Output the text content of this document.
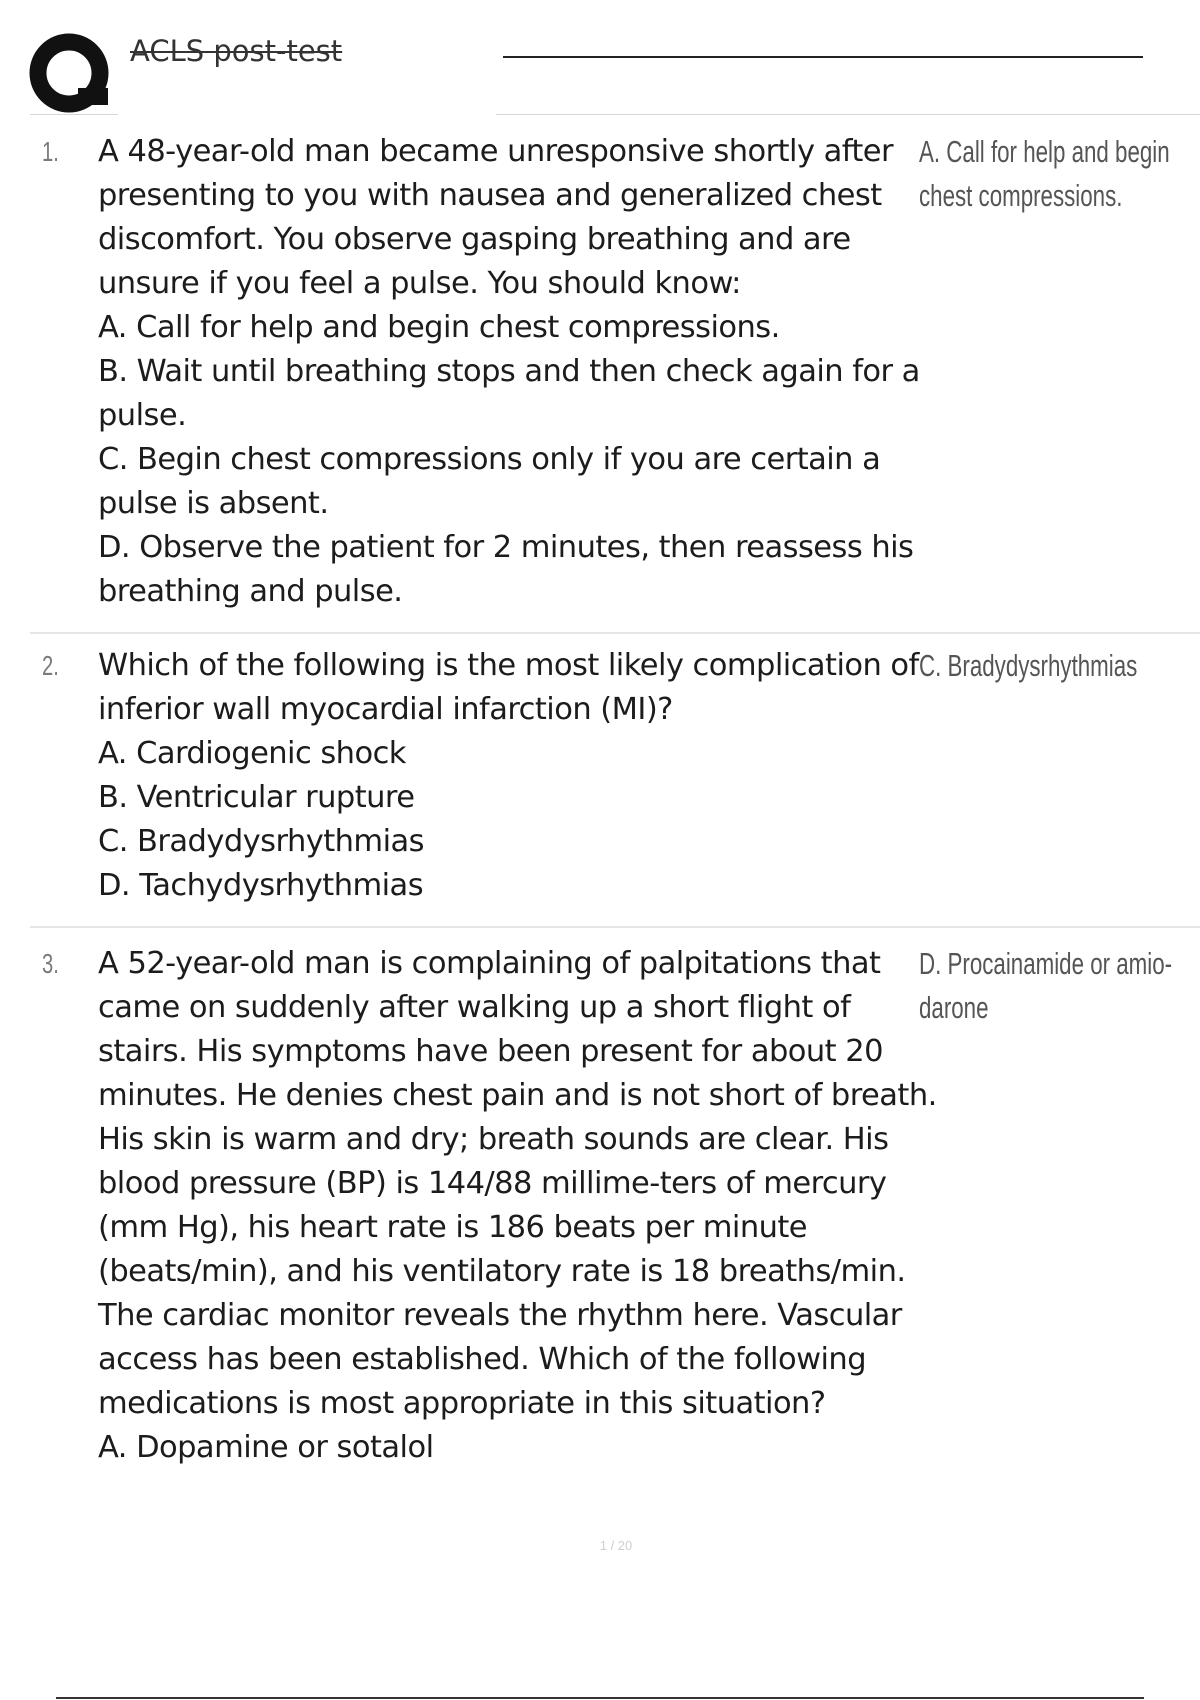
ACLS post-test
1. A 48-year-old man became unresponsive shortly after presenting to you with nausea and generalized chest discomfort. You observe gasping breathing and are unsure if you feel a pulse. You should know:

A. Call for help and begin chest compressions.

B. Wait until breathing stops and then check again for a pulse.

C. Begin chest compressions only if you are certain a pulse is absent.

D. Observe the patient for 2 minutes, then reassess his breathing and pulse.

A. Call for help and begin chest compressions.
2. Which of the following is the most likely complication of inferior wall myocardial infarction (MI)?

A. Cardiogenic shock

B. Ventricular rupture

C. Bradydysrhythmias

D. Tachydysrhythmias

C. Bradydysrhythmias
3. A 52-year-old man is complaining of palpitations that came on suddenly after walking up a short flight of stairs. His symptoms have been present for about 20 minutes. He denies chest pain and is not short of breath. His skin is warm and dry; breath sounds are clear. His blood pressure (BP) is 144/88 millime-ters of mercury (mm Hg), his heart rate is 186 beats per minute (beats/min), and his ventilatory rate is 18 breaths/min. The cardiac monitor reveals the rhythm here. Vascular access has been established. Which of the following medications is most appropriate in this situation?

A. Dopamine or sotalol

D. Procainamide or amio-darone
1 / 20
